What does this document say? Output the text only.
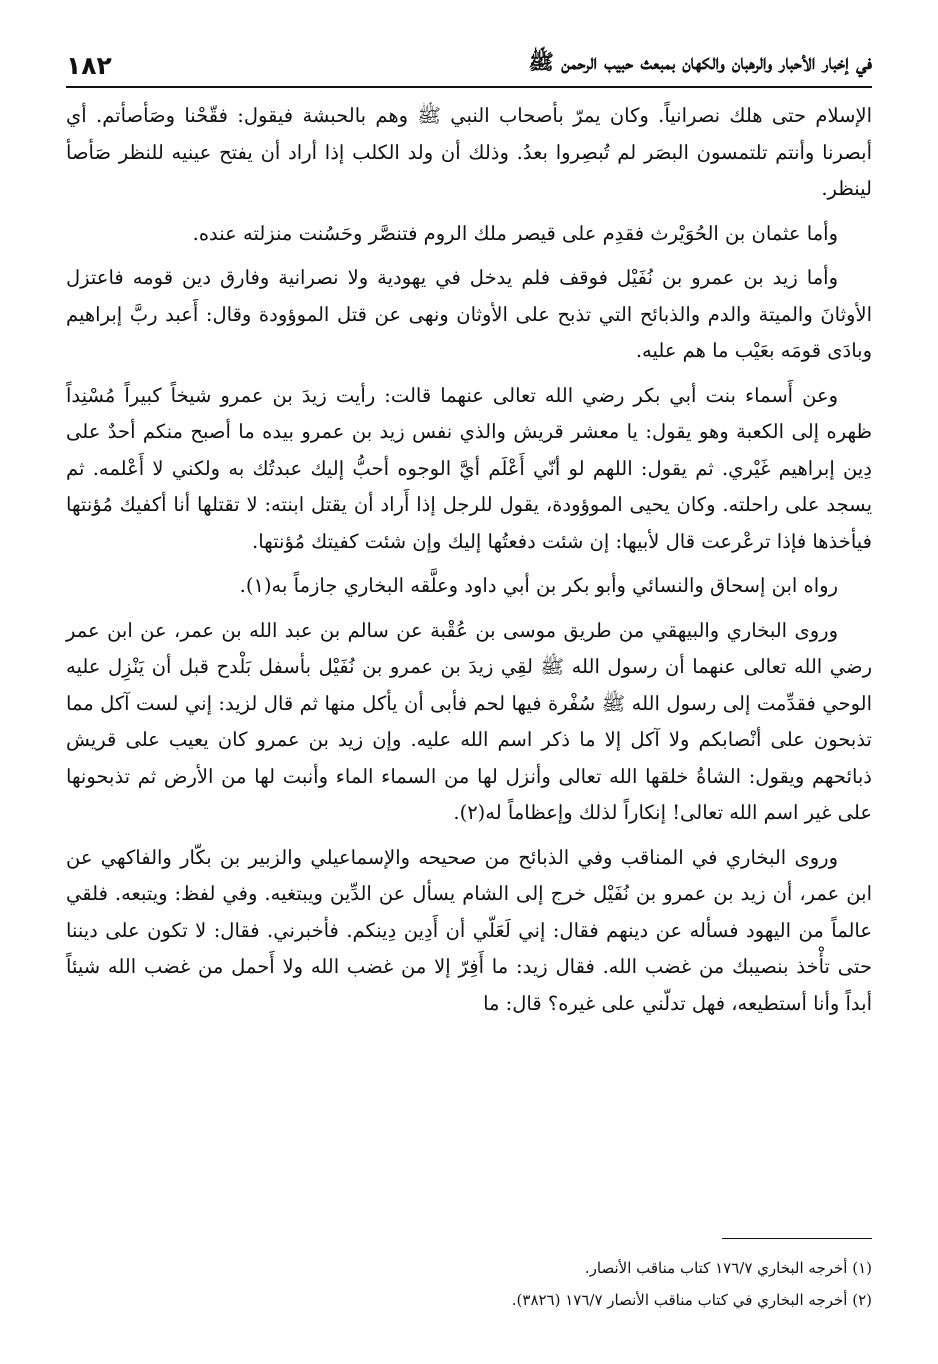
في إخبار الأحبار والرهبان والكهان بمبعث حبيب الرحمن ﷺ
١٨٢

الإسلام حتى هلك نصرانياً. وكان يمرّ بأصحاب النبي ﷺ وهم بالحبشة فيقول: فقّحْنا وصَأصأتم. أي أبصرنا وأنتم تلتمسون البصَر لم تُبصِروا بعدُ. وذلك أن ولد الكلب إذا أراد أن يفتح عينيه للنظر صَأصأ لينظر.

وأما عثمان بن الحُوَيْرث فقدِم على قيصر ملك الروم فتنصَّر وحَسُنت منزلته عنده.

وأما زيد بن عمرو بن نُفَيْل فوقف فلم يدخل في يهودية ولا نصرانية وفارق دين قومه فاعتزل الأوثانَ والميتة والدم والذبائح التي تذبح على الأوثان ونهى عن قتل الموؤودة وقال: أَعبد ربَّ إبراهيم وبادَى قومَه بعَيْب ما هم عليه.

وعن أَسماء بنت أبي بكر رضي الله تعالى عنهما قالت: رأيت زيدَ بن عمرو شيخاً كبيراً مُسْنِداً ظهره إلى الكعبة وهو يقول: يا معشر قريش والذي نفس زيد بن عمرو بيده ما أصبح منكم أحدٌ على دِين إبراهيم غَيْري. ثم يقول: اللهم لو أنّي أَعْلَم أيَّ الوجوه أحبُّ إليك عبدتُك به ولكني لا أَعْلمه. ثم يسجد على راحلته. وكان يحيى الموؤودة، يقول للرجل إذا أَراد أن يقتل ابنته: لا تقتلها أنا أكفيك مُؤنتها فيأخذها فإذا ترعْرعت قال لأبيها: إن شئت دفعتُها إليك وإن شئت كفيتك مُؤنتها.

رواه ابن إسحاق والنسائي وأبو بكر بن أبي داود وعلَّقه البخاري جازماً به(١).

وروى البخاري والبيهقي من طريق موسى بن عُقْبة عن سالم بن عبد الله بن عمر، عن ابن عمر رضي الله تعالى عنهما أن رسول الله ﷺ لقِي زيدَ بن عمرو بن نُفَيْل بأسفل بَلْدح قبل أن يَنْزِل عليه الوحي فقدِّمت إلى رسول الله ﷺ سُفْرة فيها لحم فأبى أن يأكل منها ثم قال لزيد: إني لست آكل مما تذبحون على أنْصابكم ولا آكل إلا ما ذكر اسم الله عليه. وإن زيد بن عمرو كان يعيب على قريش ذبائحهم ويقول: الشاةُ خلقها الله تعالى وأنزل لها من السماء الماء وأنبت لها من الأرض ثم تذبحونها على غير اسم الله تعالى! إنكاراً لذلك وإعظاماً له(٢).

وروى البخاري في المناقب وفي الذبائح من صحيحه والإسماعيلي والزبير بن بكّار والفاكهي عن ابن عمر، أن زيد بن عمرو بن نُفَيْل خرج إلى الشام يسأل عن الدِّين ويبتغيه. وفي لفظ: ويتبعه. فلقي عالماً من اليهود فسأله عن دينهم فقال: إني لَعَلّي أن أَدِين دِينكم. فأخبرني. فقال: لا تكون على ديننا حتى تأْخذ بنصيبك من غضب الله. فقال زيد: ما أَفِرّ إلا من غضب الله ولا أَحمل من غضب الله شيئاً أبداً وأنا أستطيعه، فهل تدلّني على غيره؟ قال: ما

(١) أخرجه البخاري ١٧٦/٧ كتاب مناقب الأنصار.
(٢) أخرجه البخاري في كتاب مناقب الأنصار ١٧٦/٧ (٣٨٢٦).
